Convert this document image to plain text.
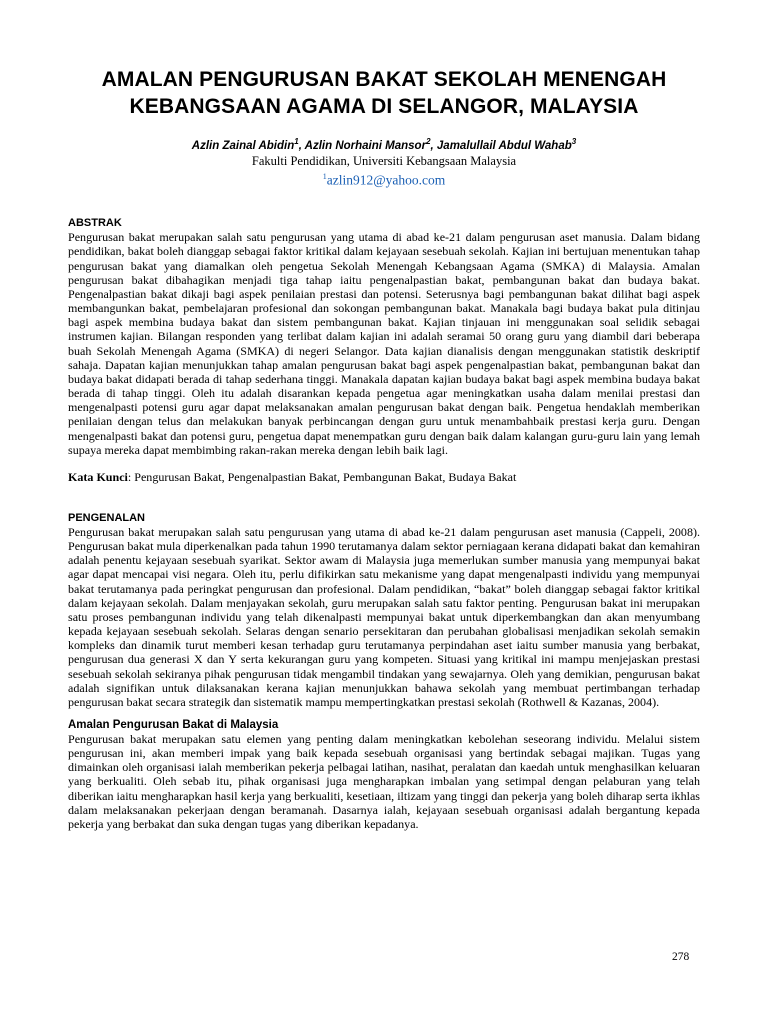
AMALAN PENGURUSAN BAKAT SEKOLAH MENENGAH
KEBANGSAAN AGAMA DI SELANGOR, MALAYSIA
Azlin Zainal Abidin$^1$, Azlin Norhaini Mansor$^2$, Jamalullail Abdul Wahab$^3$
Fakulti Pendidikan, Universiti Kebangsaan Malaysia
$^1$azlin912@yahoo.com
ABSTRAK

Pengurusan bakat merupakan salah satu pengurusan yang utama di abad ke-21 dalam pengurusan aset manusia. Dalam bidang pendidikan, bakat boleh dianggap sebagai faktor kritikal dalam kejayaan sesebuah sekolah. Kajian ini bertujuan menentukan tahap pengurusan bakat yang diamalkan oleh pengetua Sekolah Menengah Kebangsaan Agama (SMKA) di Malaysia. Amalan pengurusan bakat dibahagikan menjadi tiga tahap iaitu pengenalpastian bakat, pembangunan bakat dan budaya bakat. Pengenalpastian bakat dikaji bagi aspek penilaian prestasi dan potensi. Seterusnya bagi pembangunan bakat dilihat bagi aspek membangunkan bakat, pembelajaran profesional dan sokongan pembangunan bakat. Manakala bagi budaya bakat pula ditinjau bagi aspek membina budaya bakat dan sistem pembangunan bakat. Kajian tinjauan ini menggunakan soal selidik sebagai instrumen kajian. Bilangan responden yang terlibat dalam kajian ini adalah seramai 50 orang guru yang diambil dari beberapa buah Sekolah Menengah Agama (SMKA) di negeri Selangor. Data kajian dianalisis dengan menggunakan statistik deskriptif sahaja. Dapatan kajian menunjukkan tahap amalan pengurusan bakat bagi aspek pengenalpastian bakat, pembangunan bakat dan budaya bakat didapati berada di tahap sederhana tinggi. Manakala dapatan kajian budaya bakat bagi aspek membina budaya bakat berada di tahap tinggi. Oleh itu adalah disarankan kepada pengetua agar meningkatkan usaha dalam menilai prestasi dan mengenalpasti potensi guru agar dapat melaksanakan amalan pengurusan bakat dengan baik. Pengetua hendaklah memberikan penilaian dengan telus dan melakukan banyak perbincangan dengan guru untuk menambahbaik prestasi kerja guru. Dengan mengenalpasti bakat dan potensi guru, pengetua dapat menempatkan guru dengan baik dalam kalangan guru-guru lain yang lemah supaya mereka dapat membimbing rakan-rakan mereka dengan lebih baik lagi.

Kata Kunci: Pengurusan Bakat, Pengenalpastian Bakat, Pembangunan Bakat, Budaya Bakat

PENGENALAN

Pengurusan bakat merupakan salah satu pengurusan yang utama di abad ke-21 dalam pengurusan aset manusia (Cappeli, 2008). Pengurusan bakat mula diperkenalkan pada tahun 1990 terutamanya dalam sektor perniagaan kerana didapati bakat dan kemahiran adalah penentu kejayaan sesebuah syarikat. Sektor awam di Malaysia juga memerlukan sumber manusia yang mempunyai bakat agar dapat mencapai visi negara. Oleh itu, perlu difikirkan satu mekanisme yang dapat mengenalpasti individu yang mempunyai bakat terutamanya pada peringkat pengurusan dan profesional. Dalam pendidikan, “bakat” boleh dianggap sebagai faktor kritikal dalam kejayaan sekolah. Dalam menjayakan sekolah, guru merupakan salah satu faktor penting. Pengurusan bakat ini merupakan satu proses pembangunan individu yang telah dikenalpasti mempunyai bakat untuk diperkembangkan dan akan menyumbang kepada kejayaan sesebuah sekolah. Selaras dengan senario persekitaran dan perubahan globalisasi menjadikan sekolah semakin kompleks dan dinamik turut memberi kesan terhadap guru terutamanya perpindahan aset iaitu sumber manusia yang berbakat, pengurusan dua generasi X dan Y serta kekurangan guru yang kompeten. Situasi yang kritikal ini mampu menjejaskan prestasi sesebuah sekolah sekiranya pihak pengurusan tidak mengambil tindakan yang sewajarnya. Oleh yang demikian, pengurusan bakat adalah signifikan untuk dilaksanakan kerana kajian menunjukkan bahawa sekolah yang membuat pertimbangan terhadap pengurusan bakat secara strategik dan sistematik mampu mempertingkatkan prestasi sekolah (Rothwell & Kazanas, 2004).

Amalan Pengurusan Bakat di Malaysia

Pengurusan bakat merupakan satu elemen yang penting dalam meningkatkan kebolehan seseorang individu. Melalui sistem pengurusan ini, akan memberi impak yang baik kepada sesebuah organisasi yang bertindak sebagai majikan. Tugas yang dimainkan oleh organisasi ialah memberikan pekerja pelbagai latihan, nasihat, peralatan dan kaedah untuk menghasilkan keluaran yang berkualiti. Oleh sebab itu, pihak organisasi juga mengharapkan imbalan yang setimpal dengan pelaburan yang telah diberikan iaitu mengharapkan hasil kerja yang berkualiti, kesetiaan, iltizam yang tinggi dan pekerja yang boleh diharap serta ikhlas dalam melaksanakan pekerjaan dengan beramanah. Dasarnya ialah, kejayaan sesebuah organisasi adalah bergantung kepada pekerja yang berbakat dan suka dengan tugas yang diberikan kepadanya.

278
